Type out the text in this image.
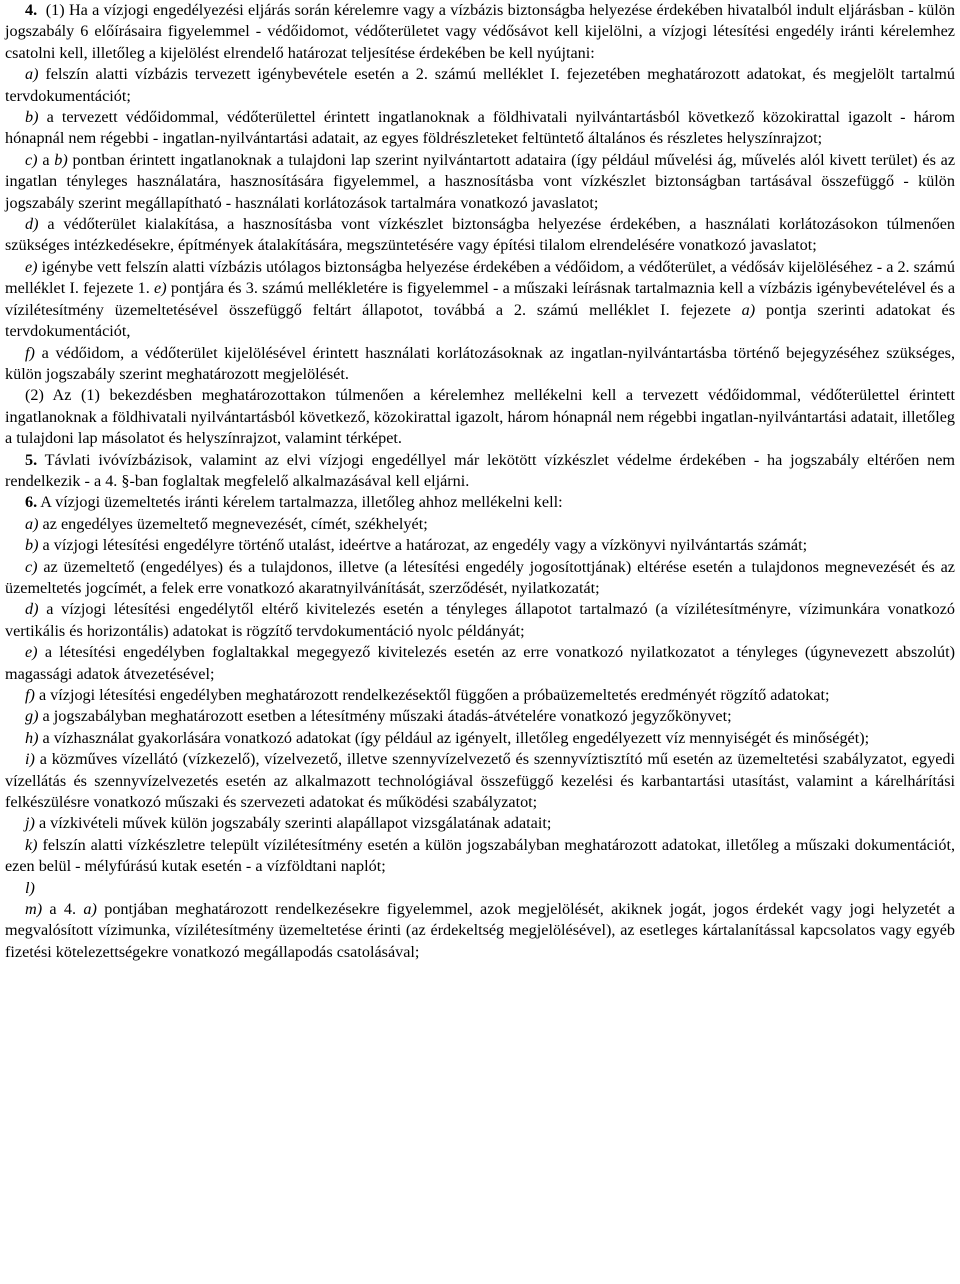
4. (1) Ha a vízjogi engedélyezési eljárás során kérelemre vagy a vízbázis biztonságba helyezése érdekében hivatalból indult eljárásban - külön jogszabály 6 előírásaira figyelemmel - védőidomot, védőterületet vagy védősávot kell kijelölni, a vízjogi létesítési engedély iránti kérelemhez csatolni kell, illetőleg a kijelölést elrendelő határozat teljesítése érdekében be kell nyújtani:

a) felszín alatti vízbázis tervezett igénybevétele esetén a 2. számú melléklet I. fejezetében meghatározott adatokat, és megjelölt tartalmú tervdokumentációt;

b) a tervezett védőidommal, védőterülettel érintett ingatlanoknak a földhivatali nyilvántartásból következő közokirattal igazolt - három hónapnál nem régebbi - ingatlan-nyilvántartási adatait, az egyes földrészleteket feltüntető általános és részletes helyszínrajzot;

c) a b) pontban érintett ingatlanoknak a tulajdoni lap szerint nyilvántartott adataira (így például művelési ág, művelés alól kivett terület) és az ingatlan tényleges használatára, hasznosítására figyelemmel, a hasznosításba vont vízkészlet biztonságban tartásával összefüggő - külön jogszabály szerint megállapítható - használati korlátozások tartalmára vonatkozó javaslatot;

d) a védőterület kialakítása, a hasznosításba vont vízkészlet biztonságba helyezése érdekében, a használati korlátozásokon túlmenően szükséges intézkedésekre, építmények átalakítására, megszüntetésére vagy építési tilalom elrendelésére vonatkozó javaslatot;

e) igénybe vett felszín alatti vízbázis utólagos biztonságba helyezése érdekében a védőidom, a védőterület, a védősáv kijelöléséhez - a 2. számú melléklet I. fejezete 1. e) pontjára és 3. számú mellékletére is figyelemmel - a műszaki leírásnak tartalmaznia kell a vízbázis igénybevételével és a vízilétesítmény üzemeltetésével összefüggő feltárt állapotot, továbbá a 2. számú melléklet I. fejezete a) pontja szerinti adatokat és tervdokumentációt,

f) a védőidom, a védőterület kijelölésével érintett használati korlátozásoknak az ingatlan-nyilvántartásba történő bejegyzéséhez szükséges, külön jogszabály szerint meghatározott megjelölését.

(2) Az (1) bekezdésben meghatározottakon túlmenően a kérelemhez mellékelni kell a tervezett védőidommal, védőterülettel érintett ingatlanoknak a földhivatali nyilvántartásból következő, közokirattal igazolt, három hónapnál nem régebbi ingatlan-nyilvántartási adatait, illetőleg a tulajdoni lap másolatot és helyszínrajzot, valamint térképet.

5. Távlati ivóvízbázisok, valamint az elvi vízjogi engedéllyel már lekötött vízkészlet védelme érdekében - ha jogszabály eltérően nem rendelkezik - a 4. §-ban foglaltak megfelelő alkalmazásával kell eljárni.

6. A vízjogi üzemeltetés iránti kérelem tartalmazza, illetőleg ahhoz mellékelni kell:

a) az engedélyes üzemeltető megnevezését, címét, székhelyét;

b) a vízjogi létesítési engedélyre történő utalást, ideértve a határozat, az engedély vagy a vízkönyvi nyilvántartás számát;

c) az üzemeltető (engedélyes) és a tulajdonos, illetve (a létesítési engedély jogosítottjának) eltérése esetén a tulajdonos megnevezését és az üzemeltetés jogcímét, a felek erre vonatkozó akaratnyilvánítását, szerződését, nyilatkozatát;

d) a vízjogi létesítési engedélytől eltérő kivitelezés esetén a tényleges állapotot tartalmazó (a vízilétesítményre, vízimunkára vonatkozó vertikális és horizontális) adatokat is rögzítő tervdokumentáció nyolc példányát;

e) a létesítési engedélyben foglaltakkal megegyező kivitelezés esetén az erre vonatkozó nyilatkozatot a tényleges (úgynevezett abszolút) magassági adatok átvezetésével;

f) a vízjogi létesítési engedélyben meghatározott rendelkezésektől függően a próbaüzemeltetés eredményét rögzítő adatokat;

g) a jogszabályban meghatározott esetben a létesítmény műszaki átadás-átvételére vonatkozó jegyzőkönyvet;

h) a vízhasználat gyakorlására vonatkozó adatokat (így például az igényelt, illetőleg engedélyezett víz mennyiségét és minőségét);

i) a közműves vízellátó (vízkezelő), vízelvezető, illetve szennyvízelvezető és szennyvíztisztító mű esetén az üzemeltetési szabályzatot, egyedi vízellátás és szennyvízelvezetés esetén az alkalmazott technológiával összefüggő kezelési és karbantartási utasítást, valamint a kárelhárítási felkészülésre vonatkozó műszaki és szervezeti adatokat és működési szabályzatot;

j) a vízkivételi művek külön jogszabály szerinti alapállapot vizsgálatának adatait;

k) felszín alatti vízkészletre települt vízilétesítmény esetén a külön jogszabályban meghatározott adatokat, illetőleg a műszaki dokumentációt, ezen belül - mélyfúrású kutak esetén - a vízföldtani naplót;

l)

m) a 4. a) pontjában meghatározott rendelkezésekre figyelemmel, azok megjelölését, akiknek jogát, jogos érdekét vagy jogi helyzetét a megvalósított vízimunka, vízilétesítmény üzemeltetése érinti (az érdekeltség megjelölésével), az esetleges kártalanítással kapcsolatos vagy egyéb fizetési kötelezettségekre vonatkozó megállapodás csatolásával;
